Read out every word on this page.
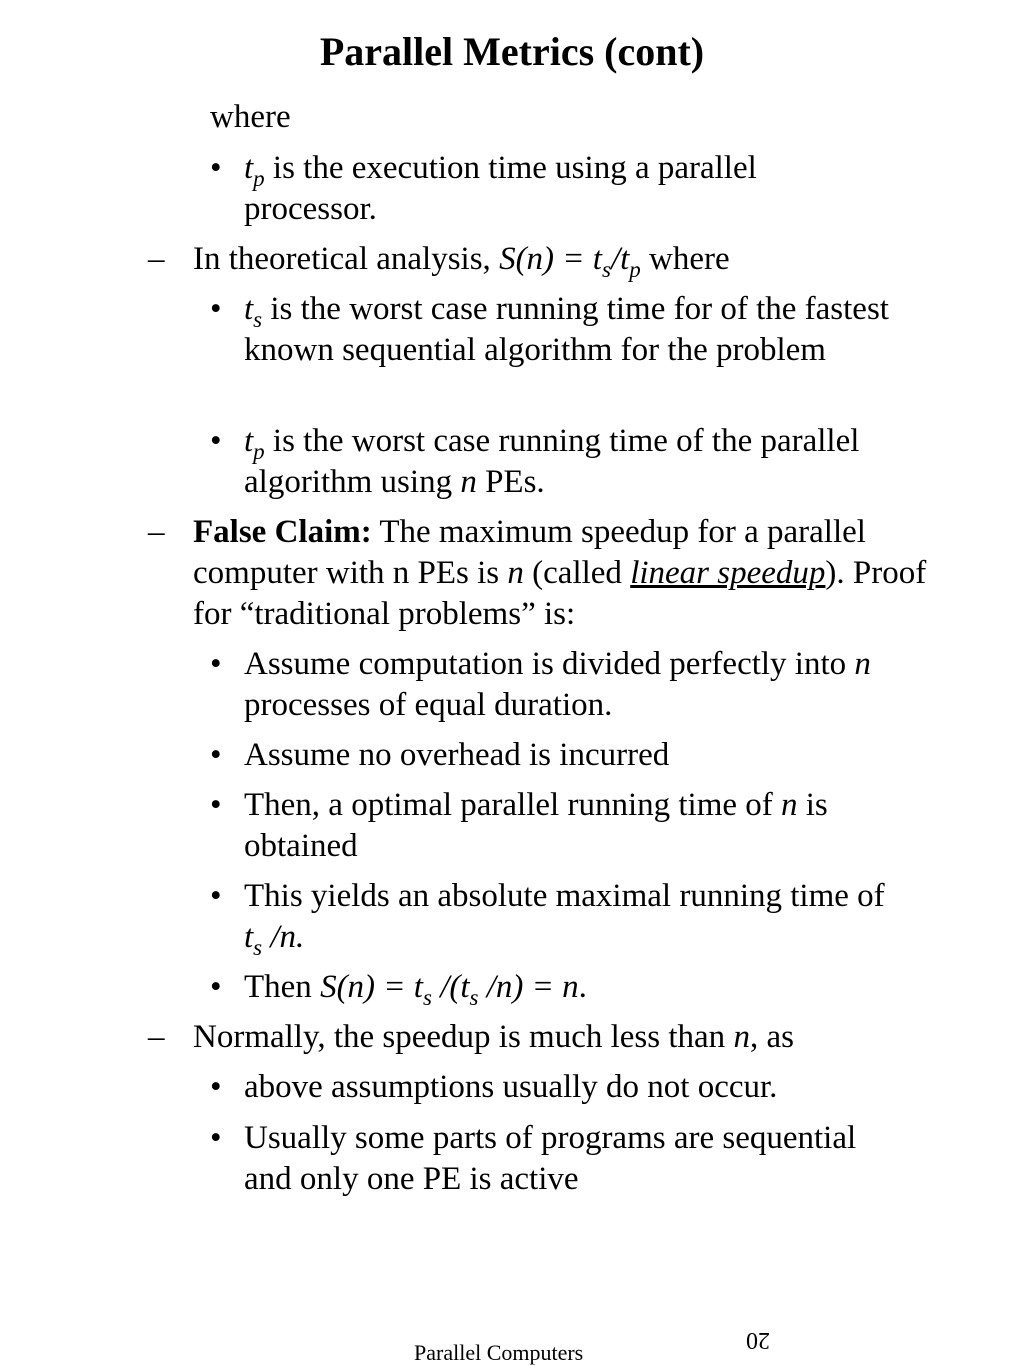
Parallel Metrics (cont)

where

• $t_p$ is the execution time using a parallel processor.

– In theoretical analysis, $S(n) = t_s/t_p$ where

• $t_s$ is the worst case running time for of the fastest known sequential algorithm for the problem

• $t_p$ is the worst case running time of the parallel algorithm using n PEs.

– False Claim: The maximum speedup for a parallel computer with n PEs is n (called linear speedup). Proof for “traditional problems” is:

• Assume computation is divided perfectly into n processes of equal duration.

• Assume no overhead is incurred

• Then, a optimal parallel running time of n is obtained

• This yields an absolute maximal running time of $t_s$ /n.

• Then $S(n) = t_s$ $/(t_s$ /n) = n.

– Normally, the speedup is much less than n, as

• above assumptions usually do not occur.

• Usually some parts of programs are sequential and only one PE is active

20

Parallel Computers
